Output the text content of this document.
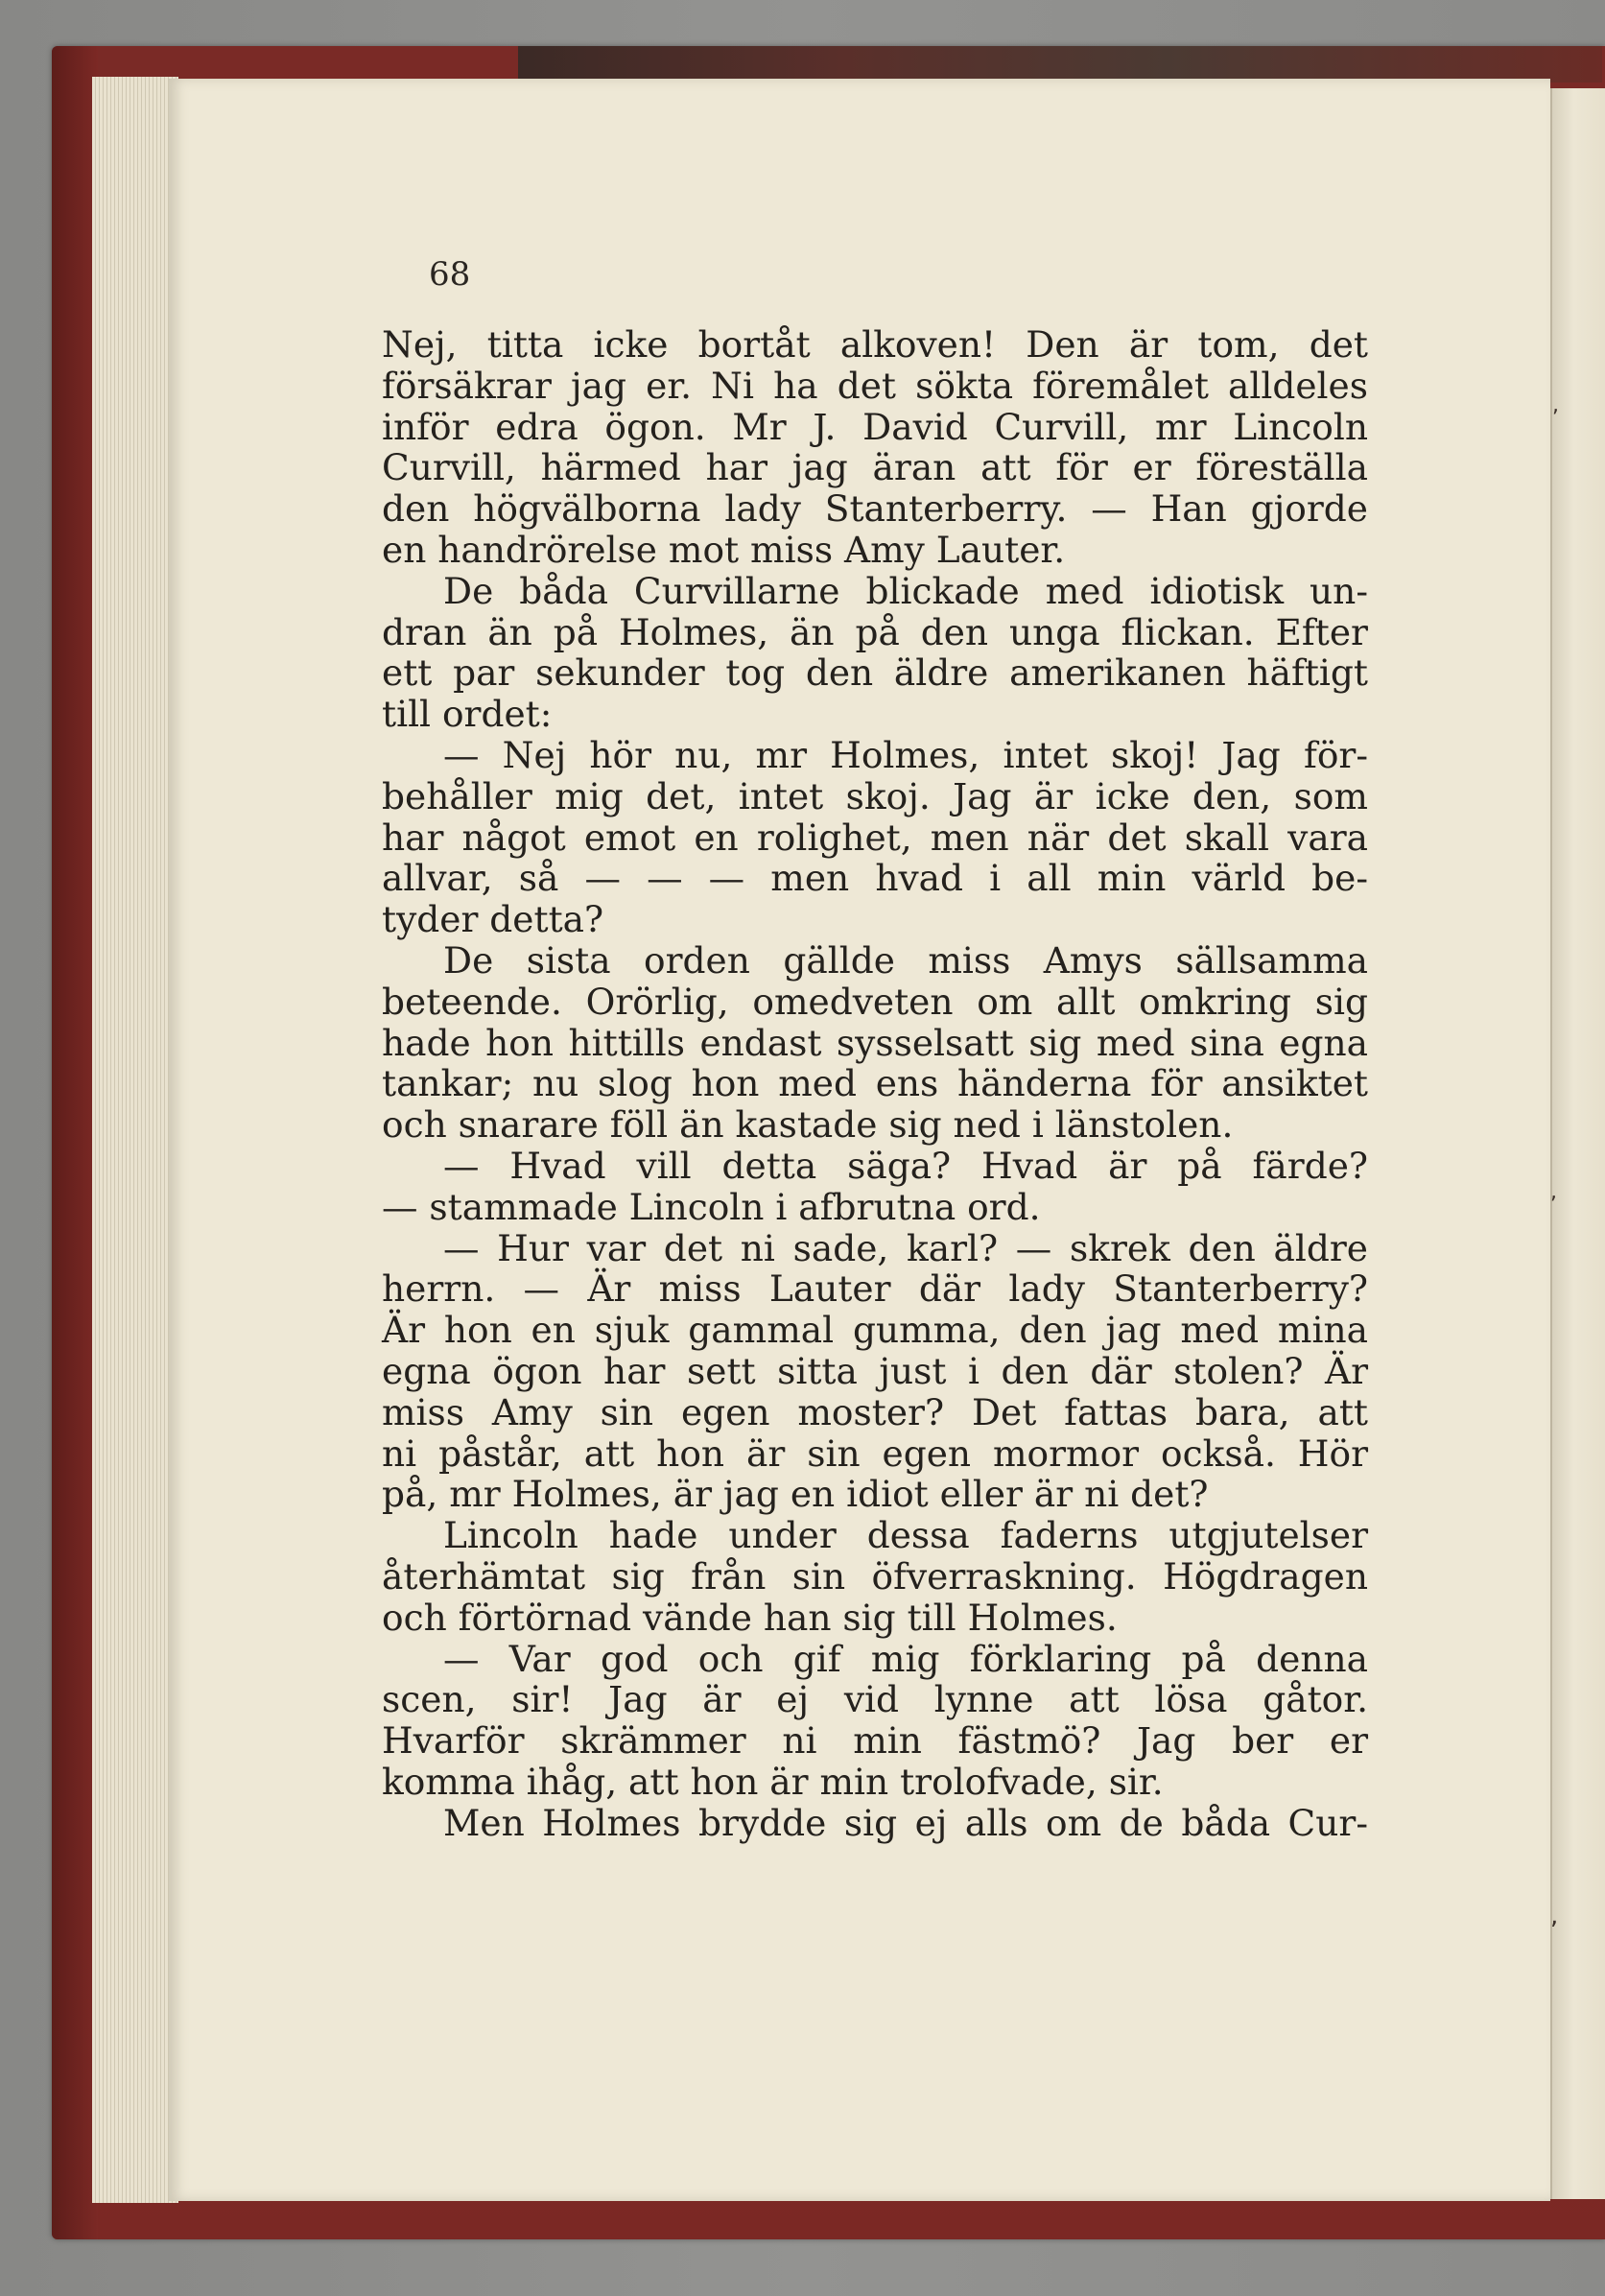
,
,
,
68
Nej, titta icke bortåt alkoven! Den är tom, det
försäkrar jag er. Ni ha det sökta föremålet alldeles
inför edra ögon. Mr J. David Curvill, mr Lincoln
Curvill, härmed har jag äran att för er föreställa
den högvälborna lady Stanterberry. — Han gjorde
en handrörelse mot miss Amy Lauter.
De båda Curvillarne blickade med idiotisk un-
dran än på Holmes, än på den unga flickan. Efter
ett par sekunder tog den äldre amerikanen häftigt
till ordet:
— Nej hör nu, mr Holmes, intet skoj! Jag för-
behåller mig det, intet skoj. Jag är icke den, som
har något emot en rolighet, men när det skall vara
allvar, så — — — men hvad i all min värld be-
tyder detta?
De sista orden gällde miss Amys sällsamma
beteende. Orörlig, omedveten om allt omkring sig
hade hon hittills endast sysselsatt sig med sina egna
tankar; nu slog hon med ens händerna för ansiktet
och snarare föll än kastade sig ned i länstolen.
— Hvad vill detta säga? Hvad är på färde?
— stammade Lincoln i afbrutna ord.
— Hur var det ni sade, karl? — skrek den äldre
herrn. — Är miss Lauter där lady Stanterberry?
Är hon en sjuk gammal gumma, den jag med mina
egna ögon har sett sitta just i den där stolen? Är
miss Amy sin egen moster? Det fattas bara, att
ni påstår, att hon är sin egen mormor också. Hör
på, mr Holmes, är jag en idiot eller är ni det?
Lincoln hade under dessa faderns utgjutelser
återhämtat sig från sin öfverraskning. Högdragen
och förtörnad vände han sig till Holmes.
— Var god och gif mig förklaring på denna
scen, sir! Jag är ej vid lynne att lösa gåtor.
Hvarför skrämmer ni min fästmö? Jag ber er
komma ihåg, att hon är min trolofvade, sir.
Men Holmes brydde sig ej alls om de båda Cur-
